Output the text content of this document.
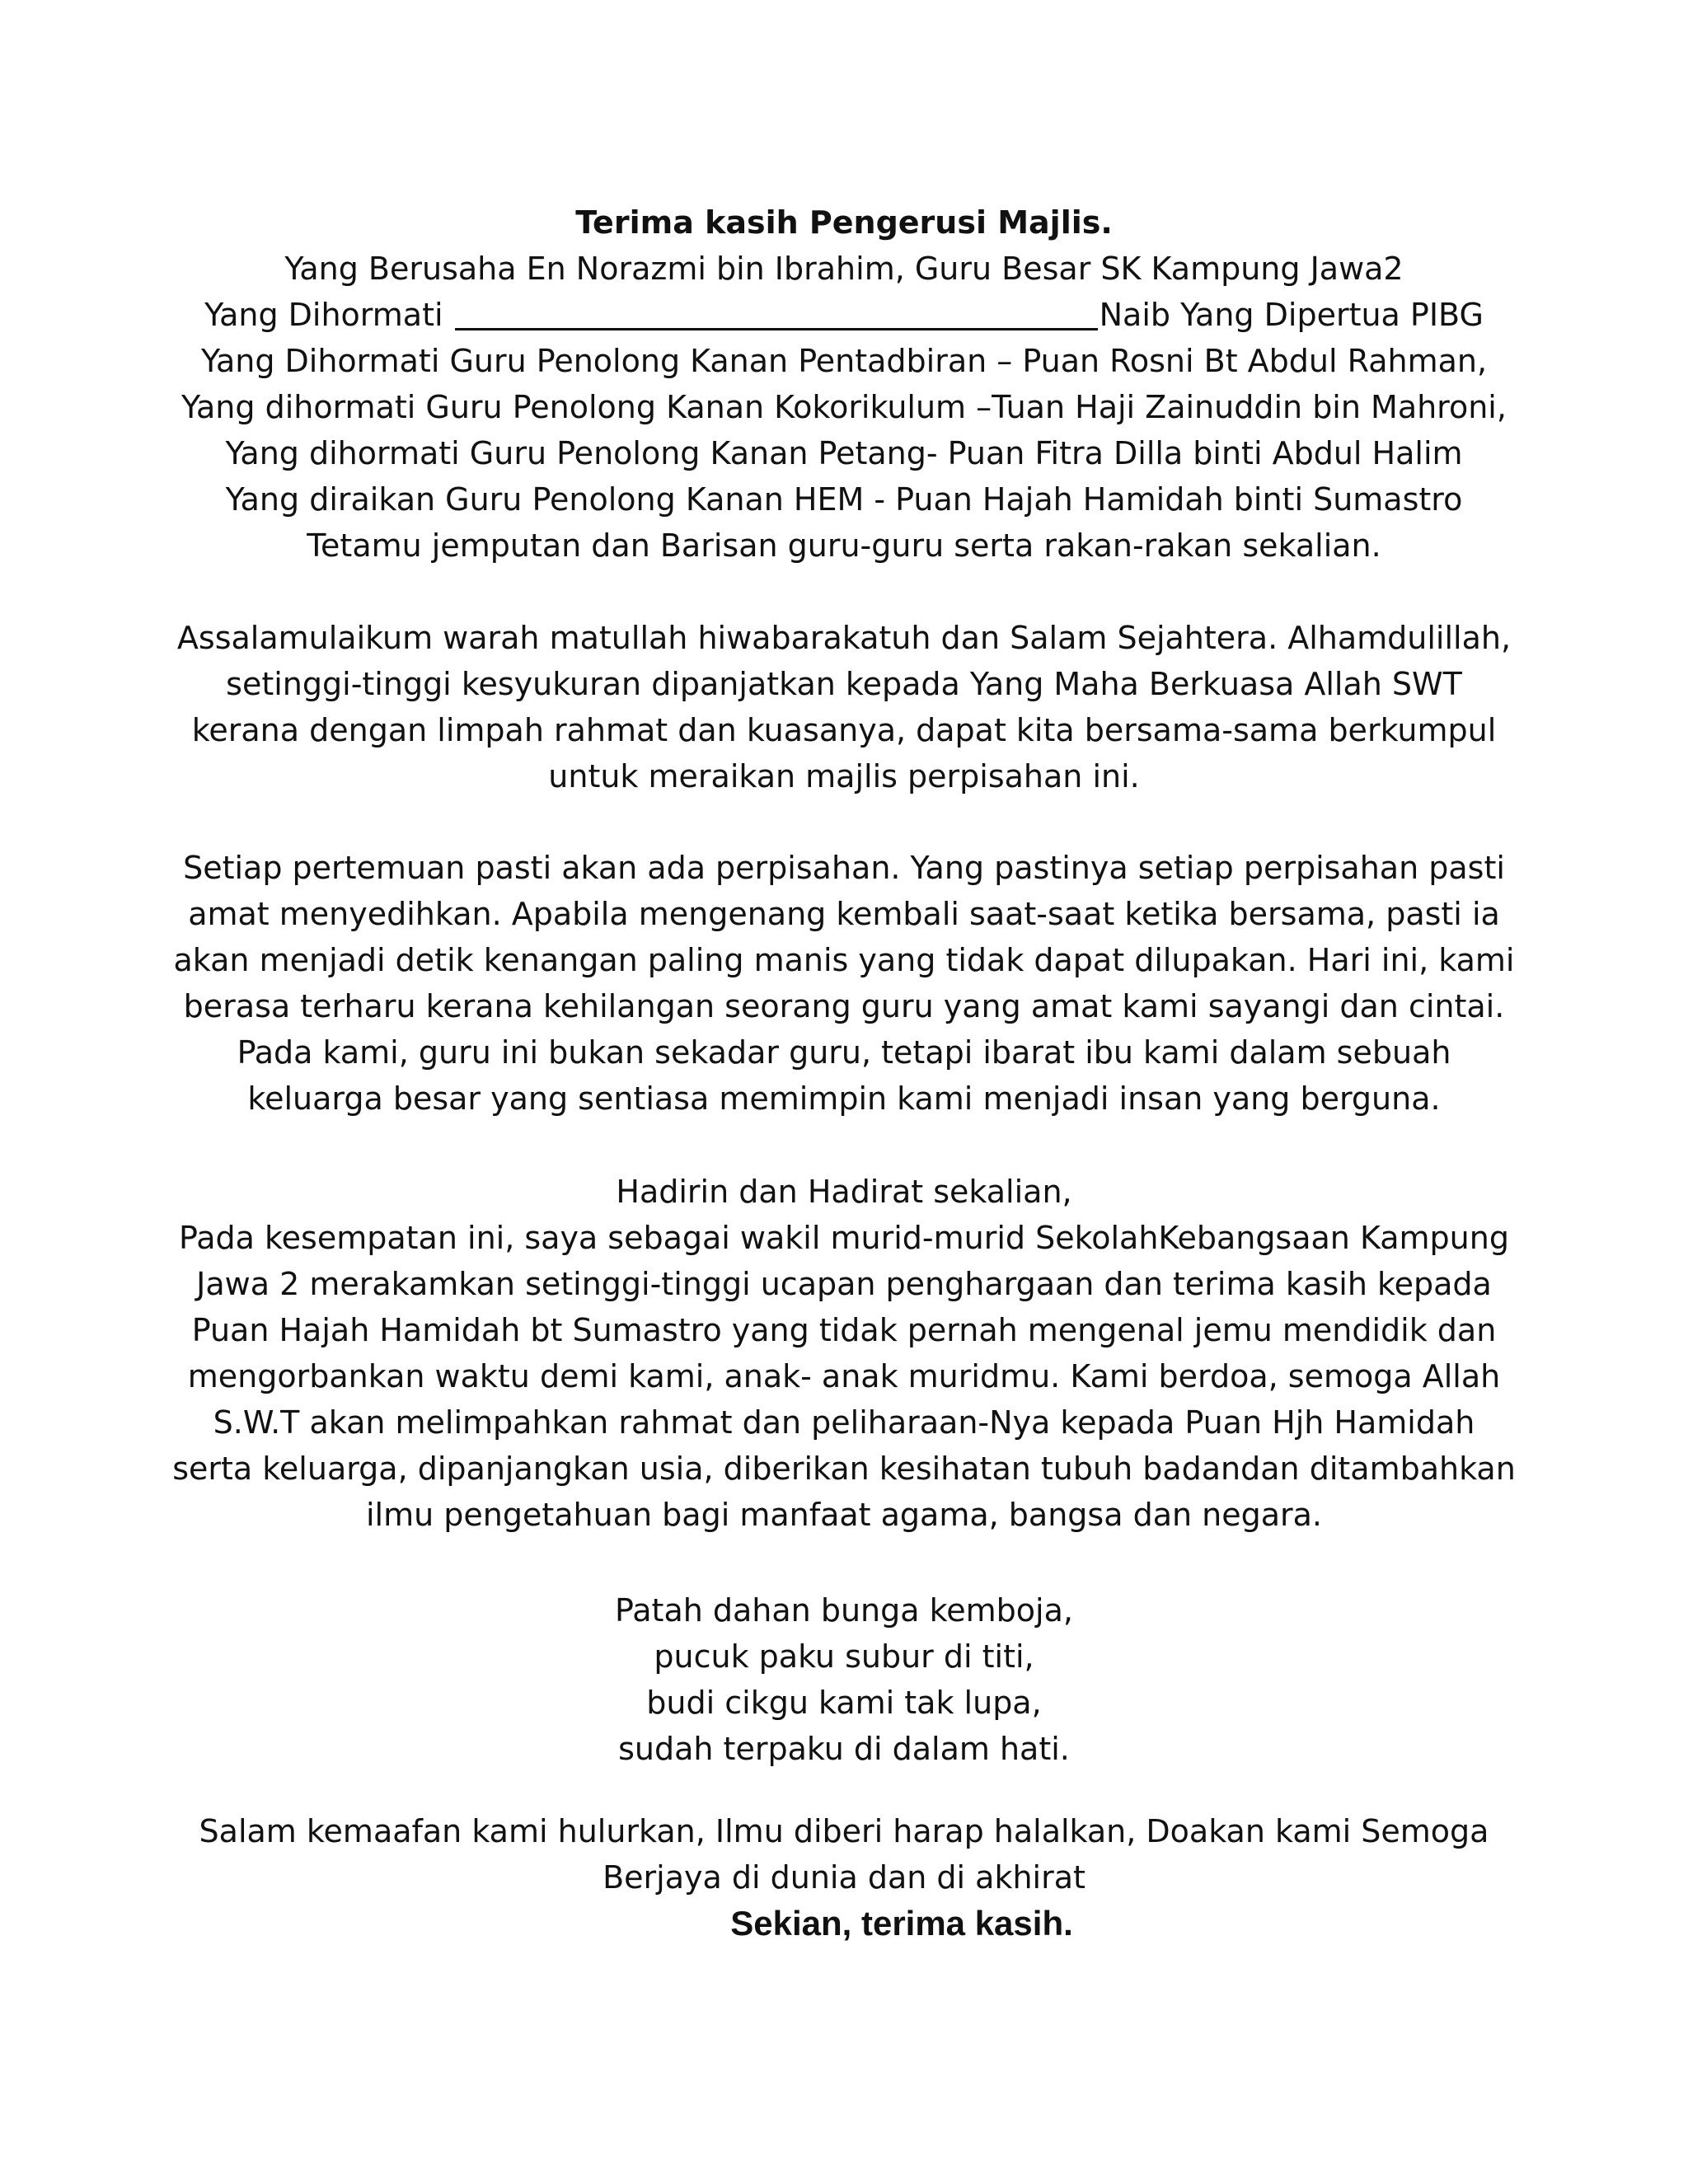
Terima kasih Pengerusi Majlis.
Yang Berusaha En Norazmi bin Ibrahim, Guru Besar SK Kampung Jawa2
Yang Dihormati	Naib Yang Dipertua PIBG
Yang Dihormati Guru Penolong Kanan Pentadbiran – Puan Rosni Bt Abdul Rahman,
Yang dihormati Guru Penolong Kanan Kokorikulum –Tuan Haji Zainuddin bin Mahroni,
Yang dihormati Guru Penolong Kanan Petang- Puan Fitra Dilla binti Abdul Halim
Yang diraikan Guru Penolong Kanan HEM - Puan Hajah Hamidah binti Sumastro
Tetamu jemputan dan Barisan guru-guru serta rakan-rakan sekalian.
Assalamulaikum warah matullah hiwabarakatuh dan Salam Sejahtera. Alhamdulillah,
setinggi-tinggi kesyukuran dipanjatkan kepada Yang Maha Berkuasa Allah SWT
kerana dengan limpah rahmat dan kuasanya, dapat kita bersama-sama berkumpul
untuk meraikan majlis perpisahan ini.
Setiap pertemuan pasti akan ada perpisahan. Yang pastinya setiap perpisahan pasti
amat menyedihkan. Apabila mengenang kembali saat-saat ketika bersama, pasti ia
akan menjadi detik kenangan paling manis yang tidak dapat dilupakan. Hari ini, kami
berasa terharu kerana kehilangan seorang guru yang amat kami sayangi dan cintai.
Pada kami, guru ini bukan sekadar guru, tetapi ibarat ibu kami dalam sebuah
keluarga besar yang sentiasa memimpin kami menjadi insan yang berguna.
Hadirin dan Hadirat sekalian,
Pada kesempatan ini, saya sebagai wakil murid-murid SekolahKebangsaan Kampung
Jawa 2 merakamkan setinggi-tinggi ucapan penghargaan dan terima kasih kepada
Puan Hajah Hamidah bt Sumastro yang tidak pernah mengenal jemu mendidik dan
mengorbankan waktu demi kami, anak- anak muridmu. Kami berdoa, semoga Allah
S.W.T akan melimpahkan rahmat dan peliharaan-Nya kepada Puan Hjh Hamidah
serta keluarga, dipanjangkan usia, diberikan kesihatan tubuh badandan ditambahkan
ilmu pengetahuan bagi manfaat agama, bangsa dan negara.
Patah dahan bunga kemboja,
pucuk paku subur di titi,
budi cikgu kami tak lupa,
sudah terpaku di dalam hati.
Salam kemaafan kami hulurkan, Ilmu diberi harap halalkan, Doakan kami Semoga
Berjaya di dunia dan di akhirat
Sekian, terima kasih.
